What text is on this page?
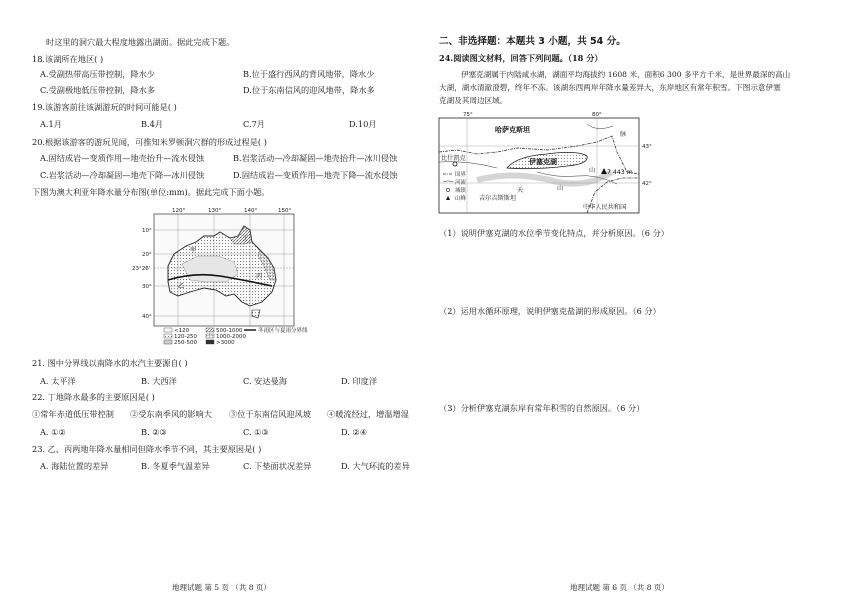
时这里的洞穴最大程度地露出湖面。据此完成下题。
18.该湖所在地区( )
A.受副热带高压带控制，降水少	B.位于盛行西风的背风地带，降水少
C.受副极地低压带控制，降水多	D.位于东南信风的迎风地带，降水多
19.该游客前往该湖游玩的时间可能是( )
A.1月	B.4月	C.7月	D.10月
20.根据该游客的游玩见闻，可推知米罗顿洞穴群的形成过程是( )
A.固结成岩—变质作用—地壳抬升—流水侵蚀	B.岩浆活动—冷却凝固—地壳抬升—冰川侵蚀
C.岩浆活动—冷却凝固—地壳下降—冰川侵蚀	D.固结成岩—变质作用—地壳下降—流水侵蚀
下图为澳大利亚年降水量分布图(单位:mm)。据此完成下面小题。
120°	130°	140°	150°
10°
20°
23°26'
30°
40°
甲
乙
丙
丁
<120
120-250
250-500
500-1000
1000-2000
>3000
冬雨区与夏雨分界线
21. 图中分界线以南降水的水汽主要源自( )
A. 太平洋	B. 大西洋	C. 安达曼海	D. 印度洋
22. 丁地降水最多的主要原因是( )
①常年赤道低压带控制 ②受东南季风的影响大 ③位于东南信风迎风坡 ④暖流经过，增温增湿
A. ①②	B. ②③	C. ①③	D. ②④
23. 乙、丙两地年降水量相同但降水季节不同，其主要原因是( )
A. 海陆位置的差异	B. 冬夏季气温差异	C. 下垫面状况差异	D. 大气环流的差异
地理试题 第 5 页 （共 8 页）
二、非选择题：本题共 3 小题，共 54 分。
24.阅读图文材料，回答下列问题。（18 分）
伊塞克湖属于内陆咸水湖，湖面平均海拔约 1608 米，面积6 300 多平方千米，是世界最深的高山
大湖，湖水清澈澄碧，终年不冻。该湖东西两岸年降水量差异大，东岸地区有常年积雪。下图示意伊塞
克湖及其周边区域。
（1）说明伊塞克湖的水位季节变化特点，并分析原因。（6 分）
（2）运用水循环原理，说明伊塞克盐湖的形成原因。（6 分）
（3）分析伊塞克湖东岸有常年积雪的自然原因。（6 分）
地理试题 第 6 页 （共 8 页）
75°	80°
43°
42°
哈萨克斯坦
吉尔吉斯斯坦
中华人民共和国
比什凯克	伊塞克湖
天	山
山
脉
7 443 m
国界
河流
城镇
山峰
